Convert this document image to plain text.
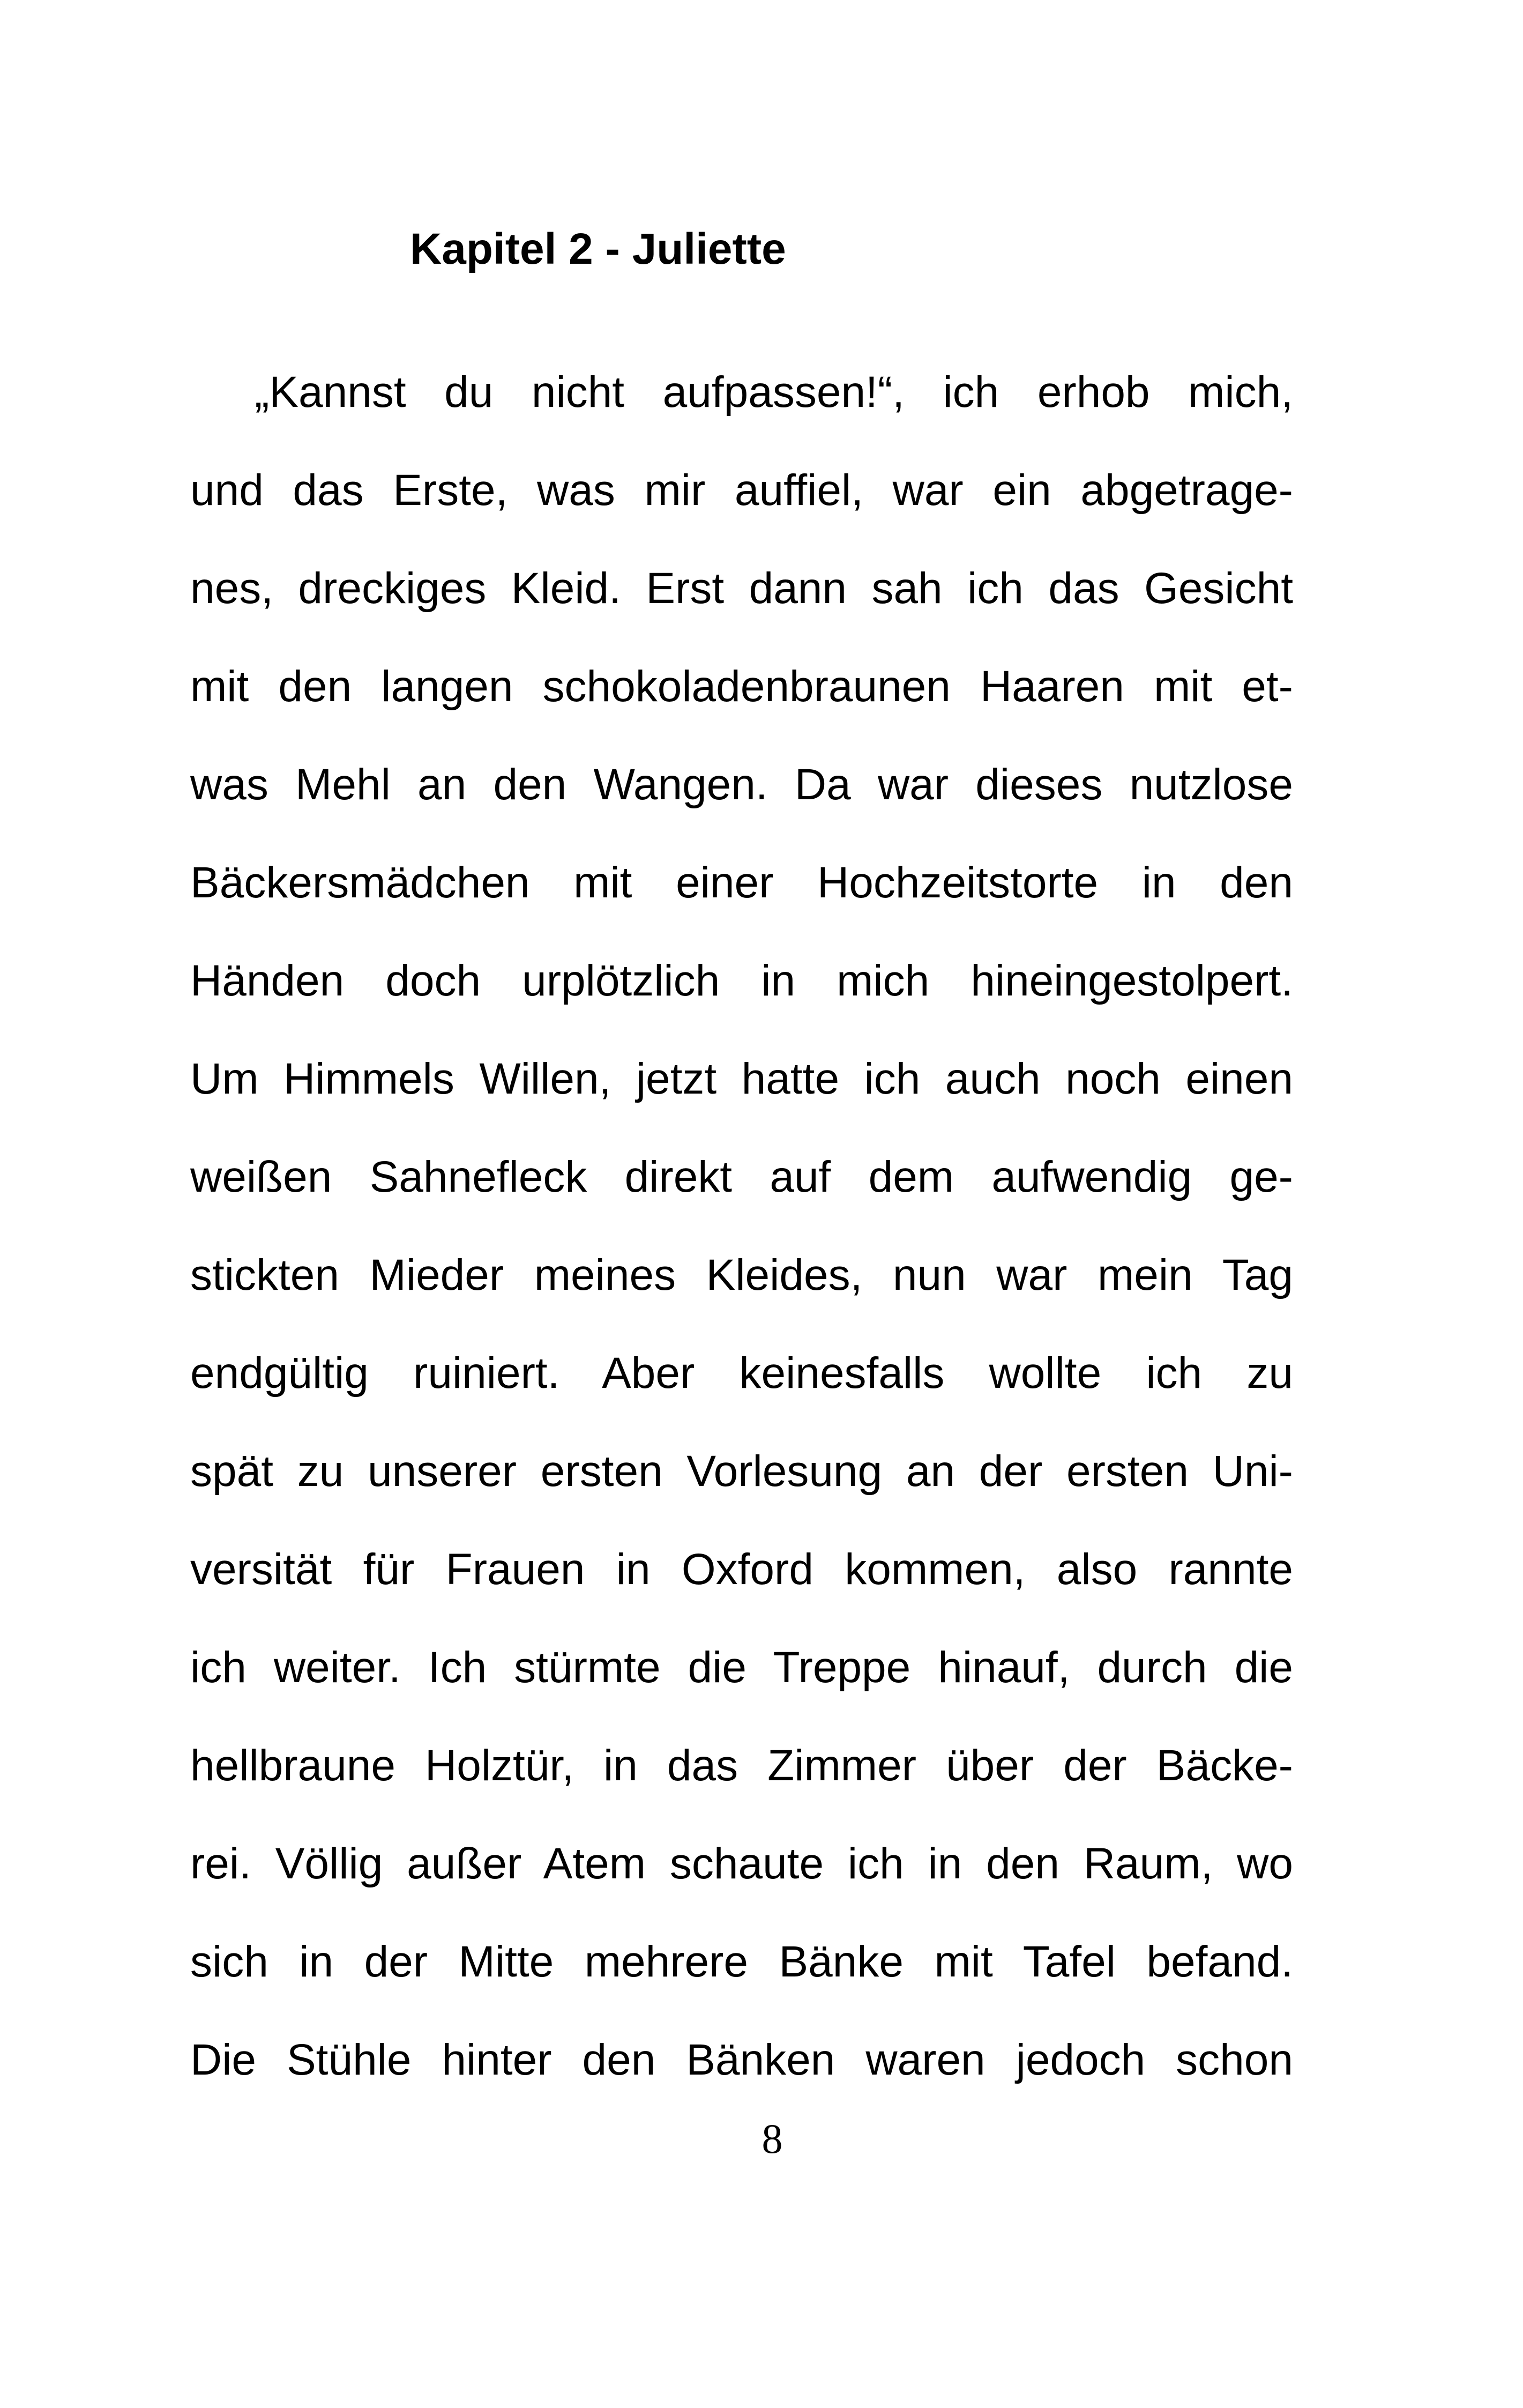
Kapitel 2 - Juliette
„Kannst du nicht aufpassen!“, ich erhob mich,
und das Erste, was mir auffiel, war ein abgetrage-
nes, dreckiges Kleid. Erst dann sah ich das Gesicht
mit den langen schokoladenbraunen Haaren mit et-
was Mehl an den Wangen. Da war dieses nutzlose
Bäckersmädchen mit einer Hochzeitstorte in den
Händen doch urplötzlich in mich hineingestolpert.
Um Himmels Willen, jetzt hatte ich auch noch einen
weißen Sahnefleck direkt auf dem aufwendig ge-
stickten Mieder meines Kleides, nun war mein Tag
endgültig ruiniert. Aber keinesfalls wollte ich zu
spät zu unserer ersten Vorlesung an der ersten Uni-
versität für Frauen in Oxford kommen, also rannte
ich weiter. Ich stürmte die Treppe hinauf, durch die
hellbraune Holztür, in das Zimmer über der Bäcke-
rei. Völlig außer Atem schaute ich in den Raum, wo
sich in der Mitte mehrere Bänke mit Tafel befand.
Die Stühle hinter den Bänken waren jedoch schon

8
